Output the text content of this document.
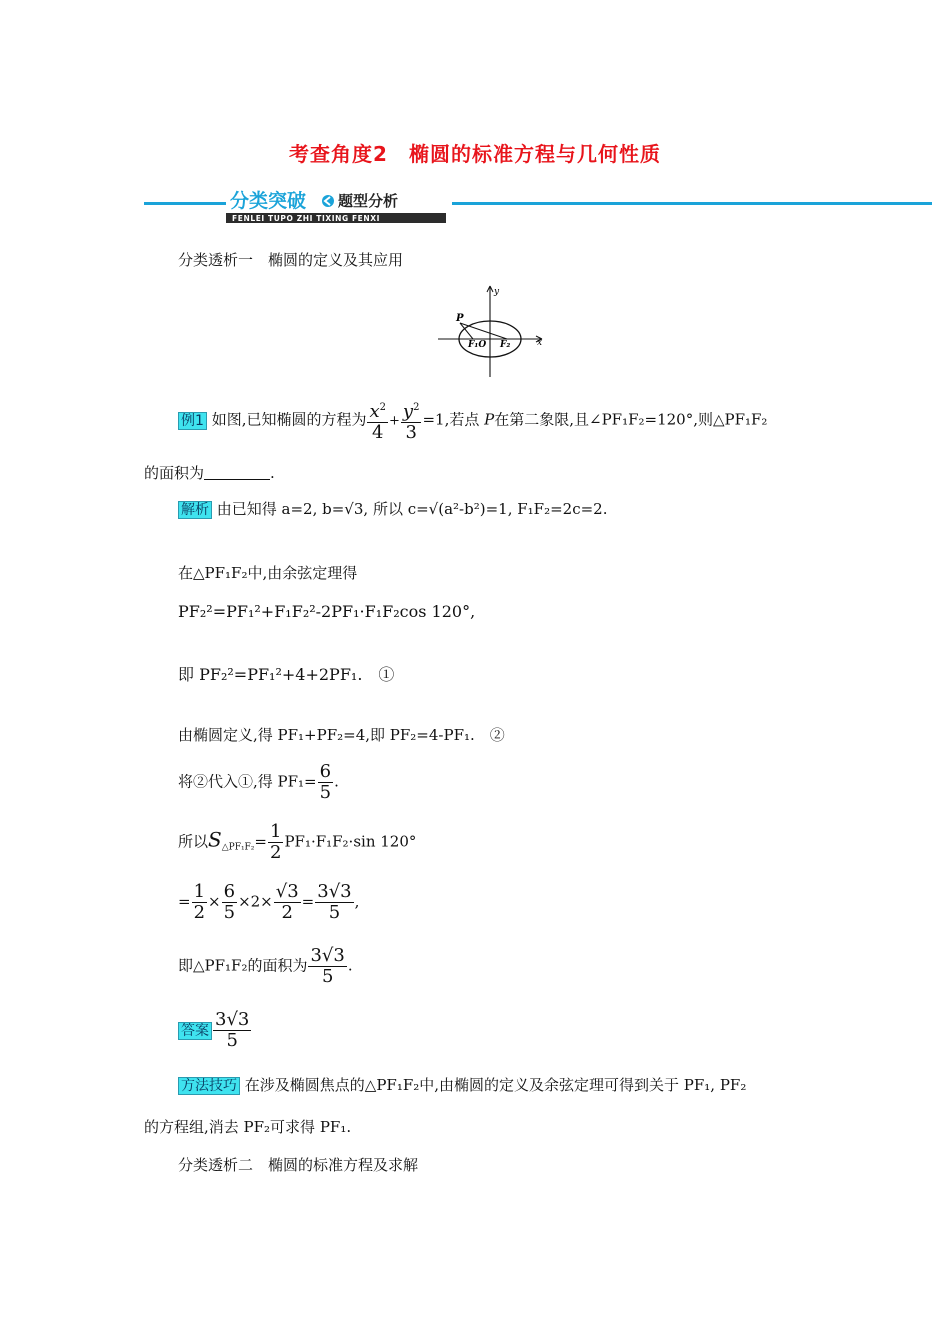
考查角度2　椭圆的标准方程与几何性质
分类突破 题型分析
FENLEI TUPO ZHI TIXING FENXI
分类透析一　椭圆的定义及其应用
y
x
P
F₁O F₂
例1 如图,已知椭圆的方程为 $\frac{x^2}{4} + \frac{y^2}{3} =1$,若点 P在第二象限,且∠PF₁F₂=120°,则△PF₁F₂
的面积为	.
解析 由已知得 a=2, b=√3, 所以 c=√(a²-b²)=1, F₁F₂=2c=2.
在△PF₁F₂中,由余弦定理得
PF₂²=PF₁²+F₁F₂²-2PF₁·F₁F₂cos 120°,
即 PF₂²=PF₁²+4+2PF₁.　①
由椭圆定义,得 PF₁+PF₂=4,即 PF₂=4-PF₁.　②
将②代入①,得 $PF_1= \frac{6}{5}$ .
所以$S_{\triangle PF_1F_2}= \frac{1}{2} PF_1\cdot F_1F_2\cdot\sin$ 120°
= $\frac{1}{2} \times \frac{6}{5} \times 2\times \frac{√3}{2} = \frac{3√3}{5}$ ,
即△PF₁F₂的面积为 $\frac{3√3}{5}$ .
答案 $\frac{3√3}{5}$
方法技巧 在涉及椭圆焦点的△PF₁F₂中,由椭圆的定义及余弦定理可得到关于 PF₁, PF₂
的方程组,消去 PF₂可求得 PF₁.
分类透析二　椭圆的标准方程及求解
